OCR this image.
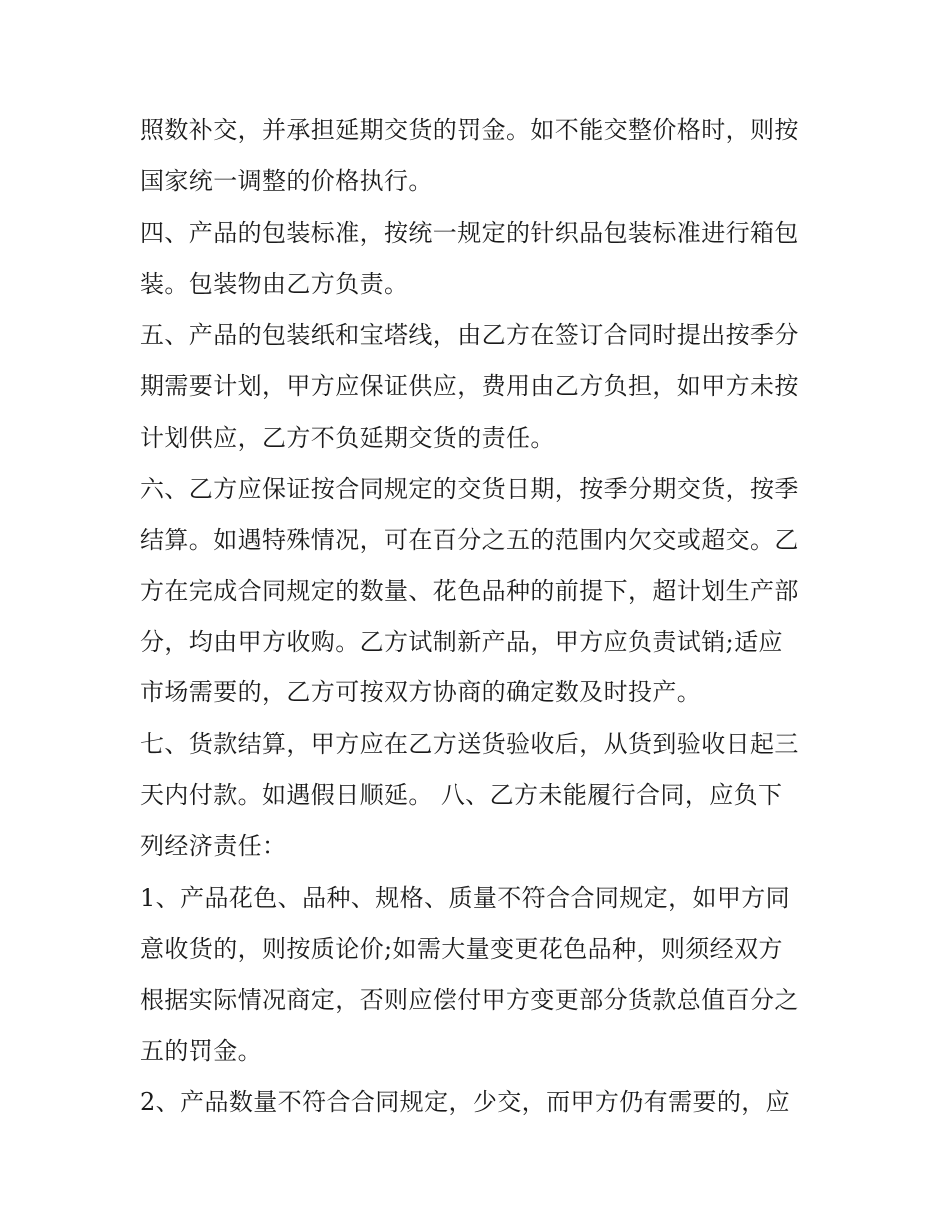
照数补交，并承担延期交货的罚金。如不能交整价格时，则按
国家统一调整的价格执行。
四、产品的包装标准，按统一规定的针织品包装标准进行箱包
装。包装物由乙方负责。
五、产品的包装纸和宝塔线，由乙方在签订合同时提出按季分
期需要计划，甲方应保证供应，费用由乙方负担，如甲方未按
计划供应，乙方不负延期交货的责任。
六、乙方应保证按合同规定的交货日期，按季分期交货，按季
结算。如遇特殊情况，可在百分之五的范围内欠交或超交。乙
方在完成合同规定的数量、花色品种的前提下，超计划生产部
分，均由甲方收购。乙方试制新产品，甲方应负责试销;适应
市场需要的，乙方可按双方协商的确定数及时投产。
七、货款结算，甲方应在乙方送货验收后，从货到验收日起三
天内付款。如遇假日顺延。 八、乙方未能履行合同，应负下
列经济责任：
1、产品花色、品种、规格、质量不符合合同规定，如甲方同
意收货的，则按质论价;如需大量变更花色品种，则须经双方
根据实际情况商定，否则应偿付甲方变更部分货款总值百分之
五的罚金。
2、产品数量不符合合同规定，少交，而甲方仍有需要的，应
